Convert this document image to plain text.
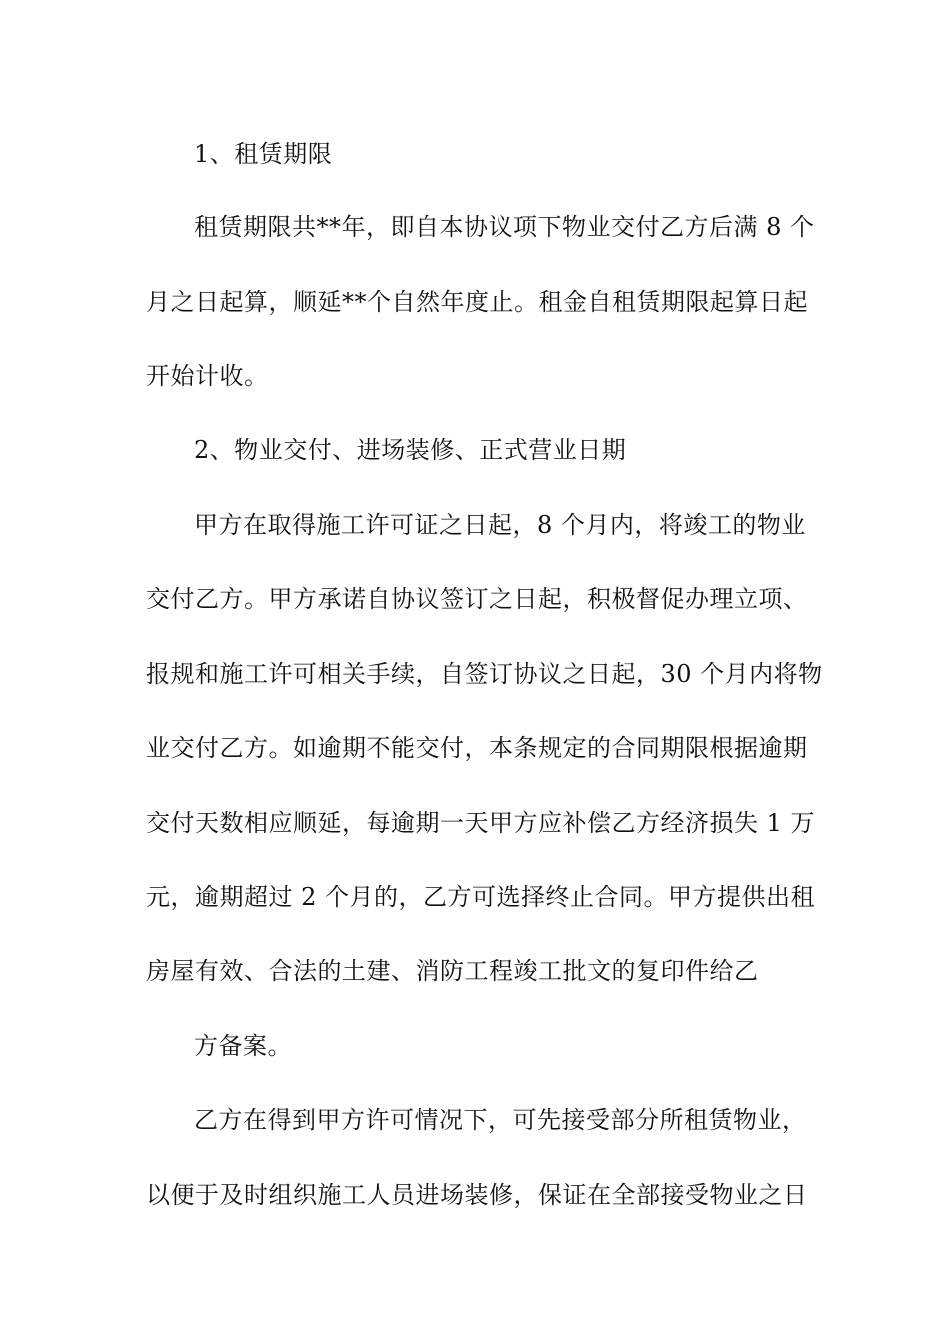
1、租赁期限
租赁期限共**年，即自本协议项下物业交付乙方后满 8 个
月之日起算，顺延**个自然年度止。租金自租赁期限起算日起
开始计收。
2、物业交付、进场装修、正式营业日期
甲方在取得施工许可证之日起，8 个月内，将竣工的物业
交付乙方。甲方承诺自协议签订之日起，积极督促办理立项、
报规和施工许可相关手续，自签订协议之日起，30 个月内将物
业交付乙方。如逾期不能交付，本条规定的合同期限根据逾期
交付天数相应顺延，每逾期一天甲方应补偿乙方经济损失 1 万
元，逾期超过 2 个月的，乙方可选择终止合同。甲方提供出租
房屋有效、合法的土建、消防工程竣工批文的复印件给乙
方备案。
乙方在得到甲方许可情况下，可先接受部分所租赁物业，
以便于及时组织施工人员进场装修，保证在全部接受物业之日
